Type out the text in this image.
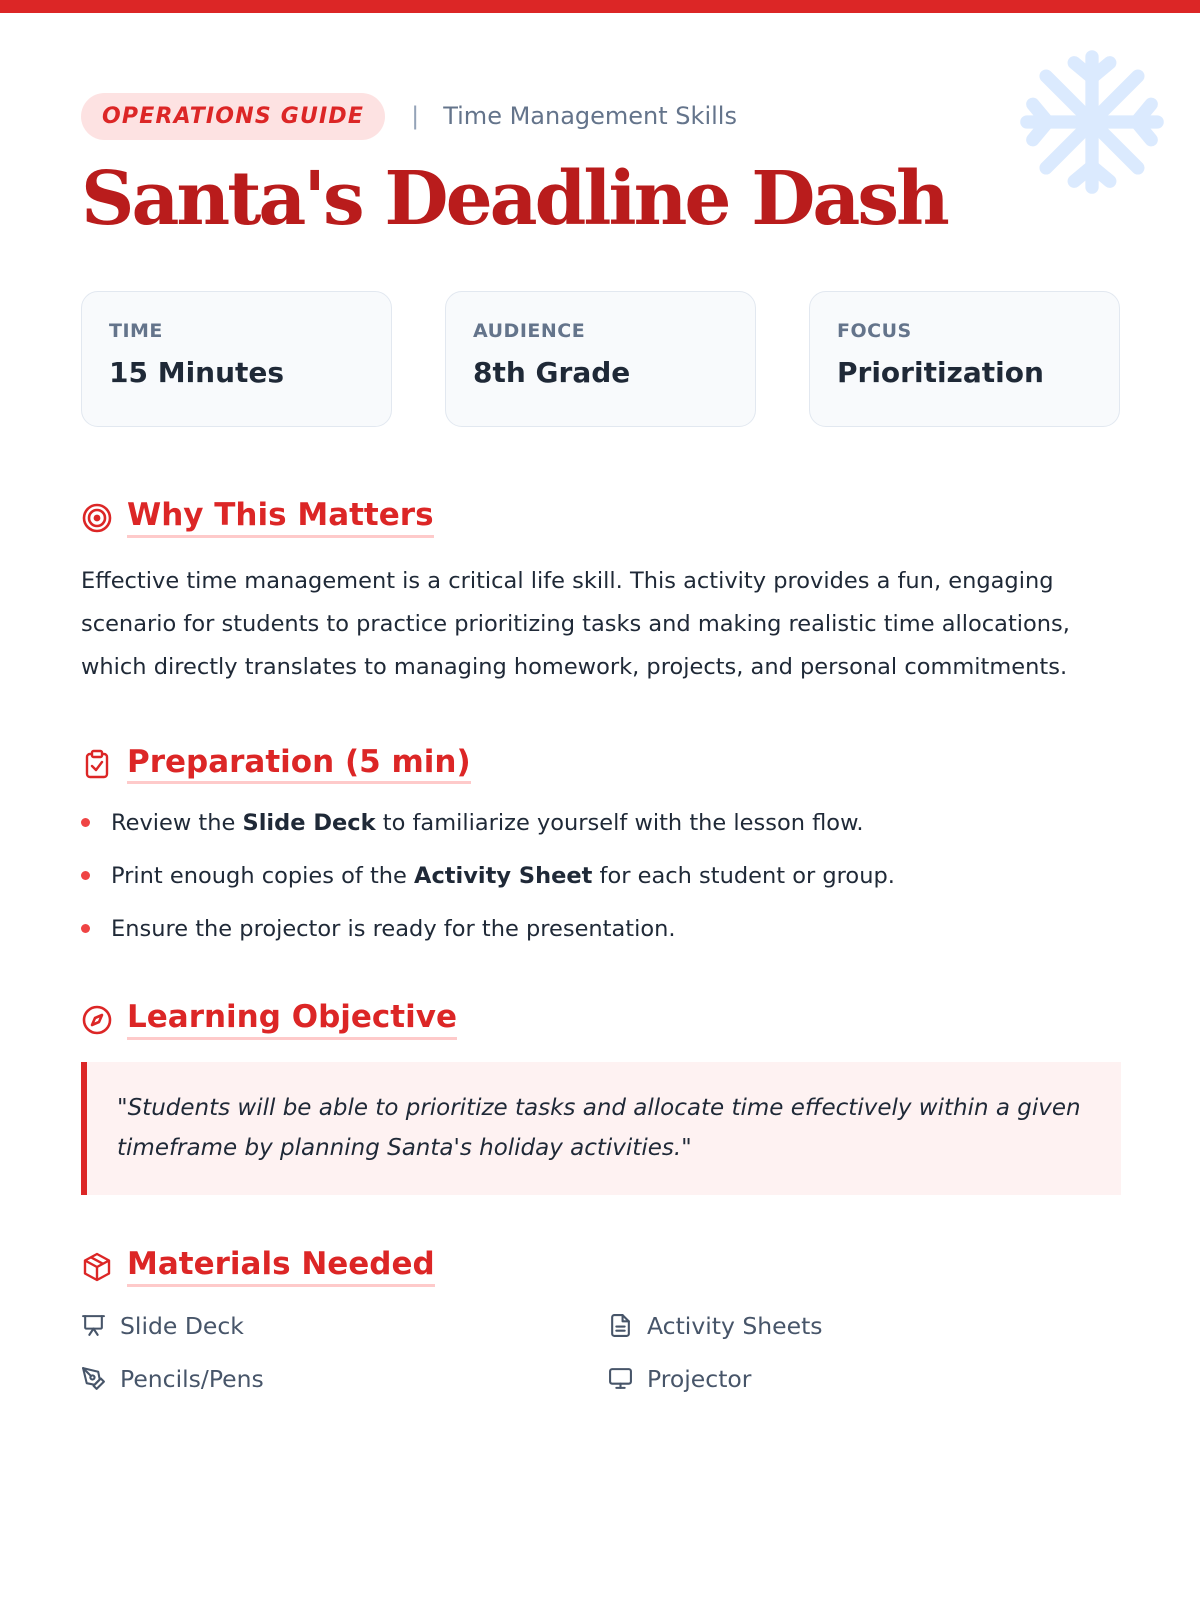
OPERATIONS GUIDE	| Time Management Skills
Santa's Deadline Dash
TIME
15 Minutes
AUDIENCE
8th Grade
FOCUS
Prioritization
Why This Matters

Effective time management is a critical life skill. This activity provides a fun, engaging scenario for students to practice prioritizing tasks and making realistic time allocations, which directly translates to managing homework, projects, and personal commitments.

Preparation (5 min)
Review the Slide Deck to familiarize yourself with the lesson flow.
Print enough copies of the Activity Sheet for each student or group.
Ensure the projector is ready for the presentation.
Learning Objective
"Students will be able to prioritize tasks and allocate time effectively within a given timeframe by planning Santa's holiday activities."
Materials Needed
Slide Deck	Activity Sheets
Pencils/Pens	Projector
